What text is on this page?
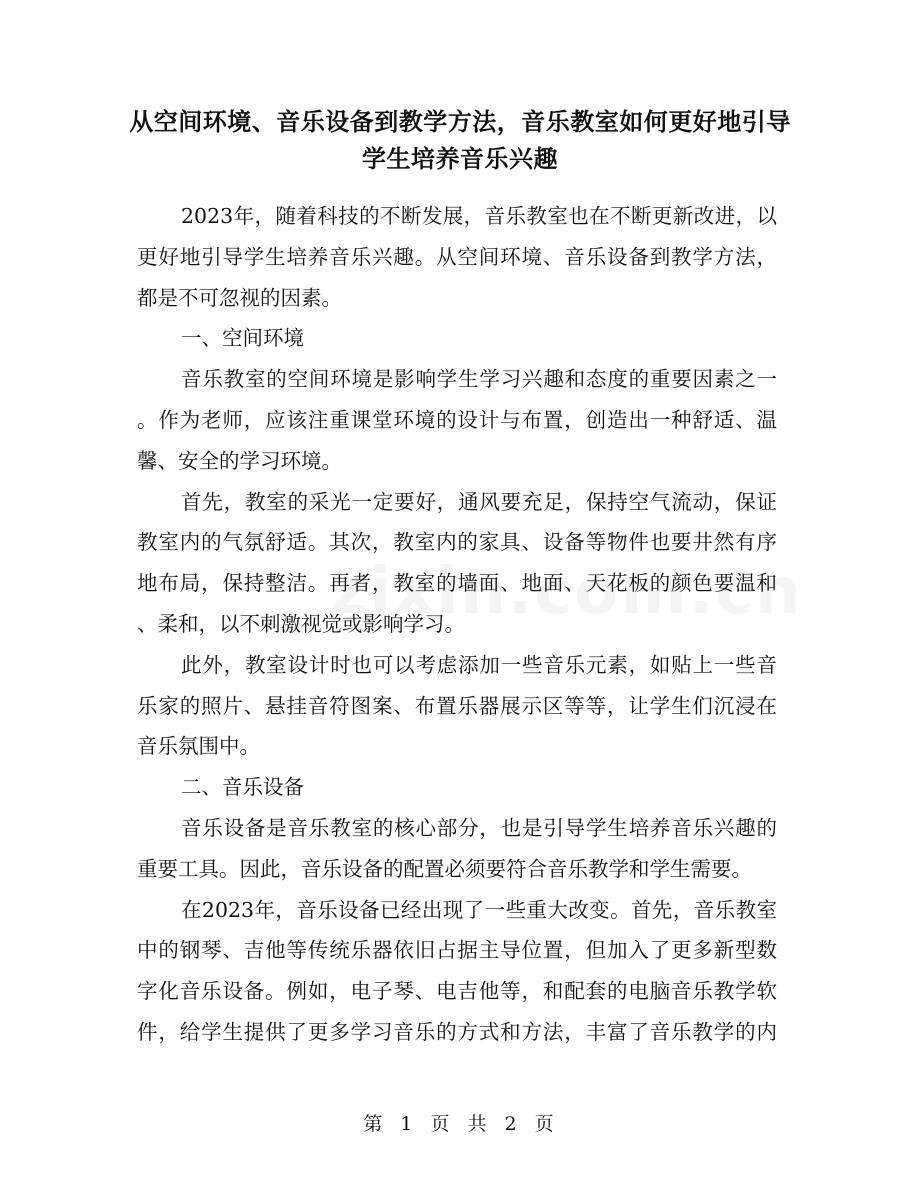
从空间环境、音乐设备到教学方法，音乐教室如何更好地引导
学生培养音乐兴趣
2023年，随着科技的不断发展，音乐教室也在不断更新改进，以
更好地引导学生培养音乐兴趣。从空间环境、音乐设备到教学方法，
都是不可忽视的因素。
一、空间环境
音乐教室的空间环境是影响学生学习兴趣和态度的重要因素之一
。作为老师，应该注重课堂环境的设计与布置，创造出一种舒适、温
馨、安全的学习环境。
首先，教室的采光一定要好，通风要充足，保持空气流动，保证
教室内的气氛舒适。其次，教室内的家具、设备等物件也要井然有序
地布局，保持整洁。再者，教室的墙面、地面、天花板的颜色要温和
、柔和，以不刺激视觉或影响学习。
此外，教室设计时也可以考虑添加一些音乐元素，如贴上一些音
乐家的照片、悬挂音符图案、布置乐器展示区等等，让学生们沉浸在
音乐氛围中。
二、音乐设备
音乐设备是音乐教室的核心部分，也是引导学生培养音乐兴趣的
重要工具。因此，音乐设备的配置必须要符合音乐教学和学生需要。
在2023年，音乐设备已经出现了一些重大改变。首先，音乐教室
中的钢琴、吉他等传统乐器依旧占据主导位置，但加入了更多新型数
字化音乐设备。例如，电子琴、电吉他等，和配套的电脑音乐教学软
件，给学生提供了更多学习音乐的方式和方法，丰富了音乐教学的内
第 1 页 共 2 页
